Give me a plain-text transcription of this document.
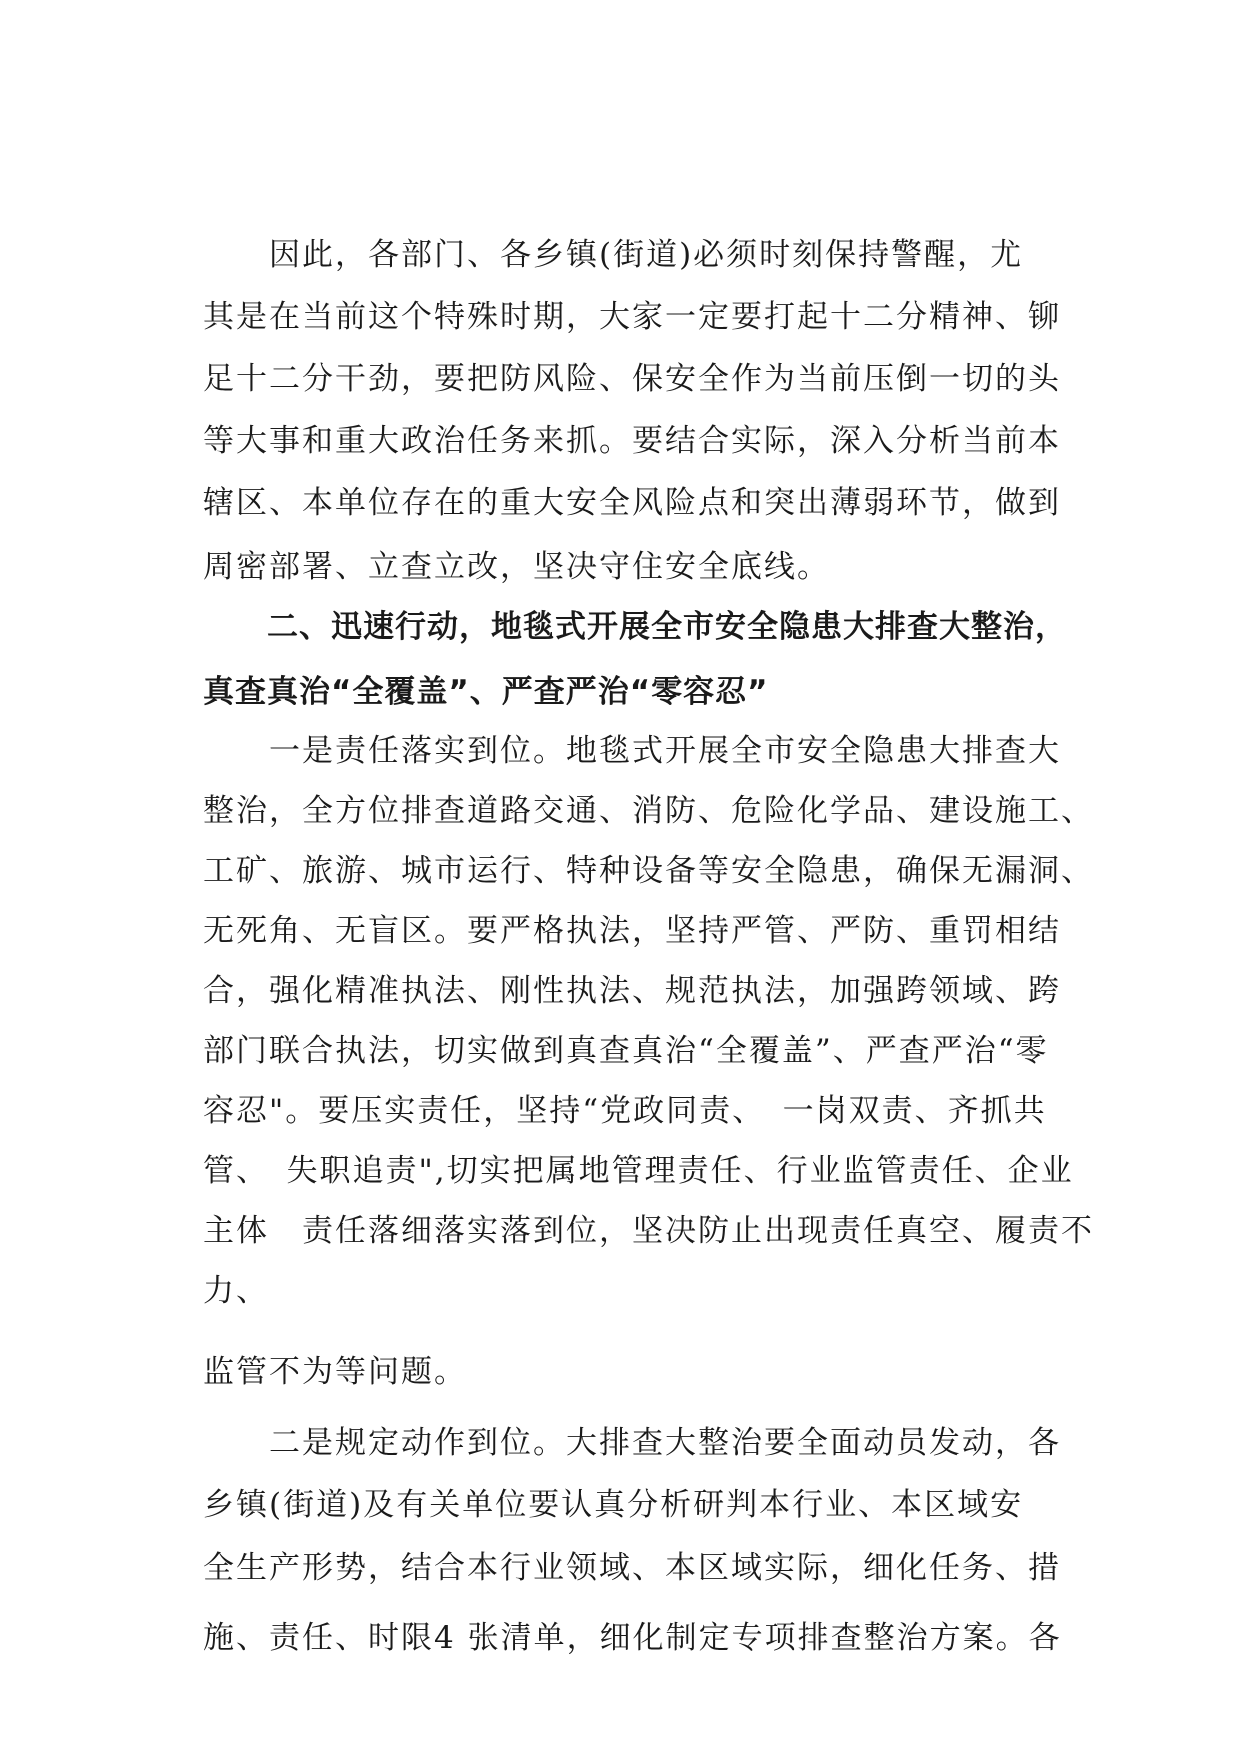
　　因此，各部门、各乡镇(街道)必须时刻保持警醒，尤
其是在当前这个特殊时期，大家一定要打起十二分精神、铆
足十二分干劲，要把防风险、保安全作为当前压倒一切的头
等大事和重大政治任务来抓。要结合实际，深入分析当前本
辖区、本单位存在的重大安全风险点和突出薄弱环节，做到
周密部署、立查立改，坚决守住安全底线。
　　二、迅速行动，地毯式开展全市安全隐患大排查大整治，
真查真治“全覆盖”、严查严治“零容忍”
　　一是责任落实到位。地毯式开展全市安全隐患大排查大
整治，全方位排查道路交通、消防、危险化学品、建设施工、
工矿、旅游、城市运行、特种设备等安全隐患，确保无漏洞、
无死角、无盲区。要严格执法，坚持严管、严防、重罚相结
合，强化精准执法、刚性执法、规范执法，加强跨领域、跨
部门联合执法，切实做到真查真治“全覆盖”、严查严治“零
容忍"。要压实责任，坚持“党政同责、　一岗双责、齐抓共
管、　失职追责",切实把属地管理责任、行业监管责任、企业
主体　责任落细落实落到位，坚决防止出现责任真空、履责不
力、
监管不为等问题。
　　二是规定动作到位。大排查大整治要全面动员发动，各
乡镇(街道)及有关单位要认真分析研判本行业、本区域安
全生产形势，结合本行业领域、本区域实际，细化任务、措
施、责任、时限4 张清单，细化制定专项排查整治方案。各
